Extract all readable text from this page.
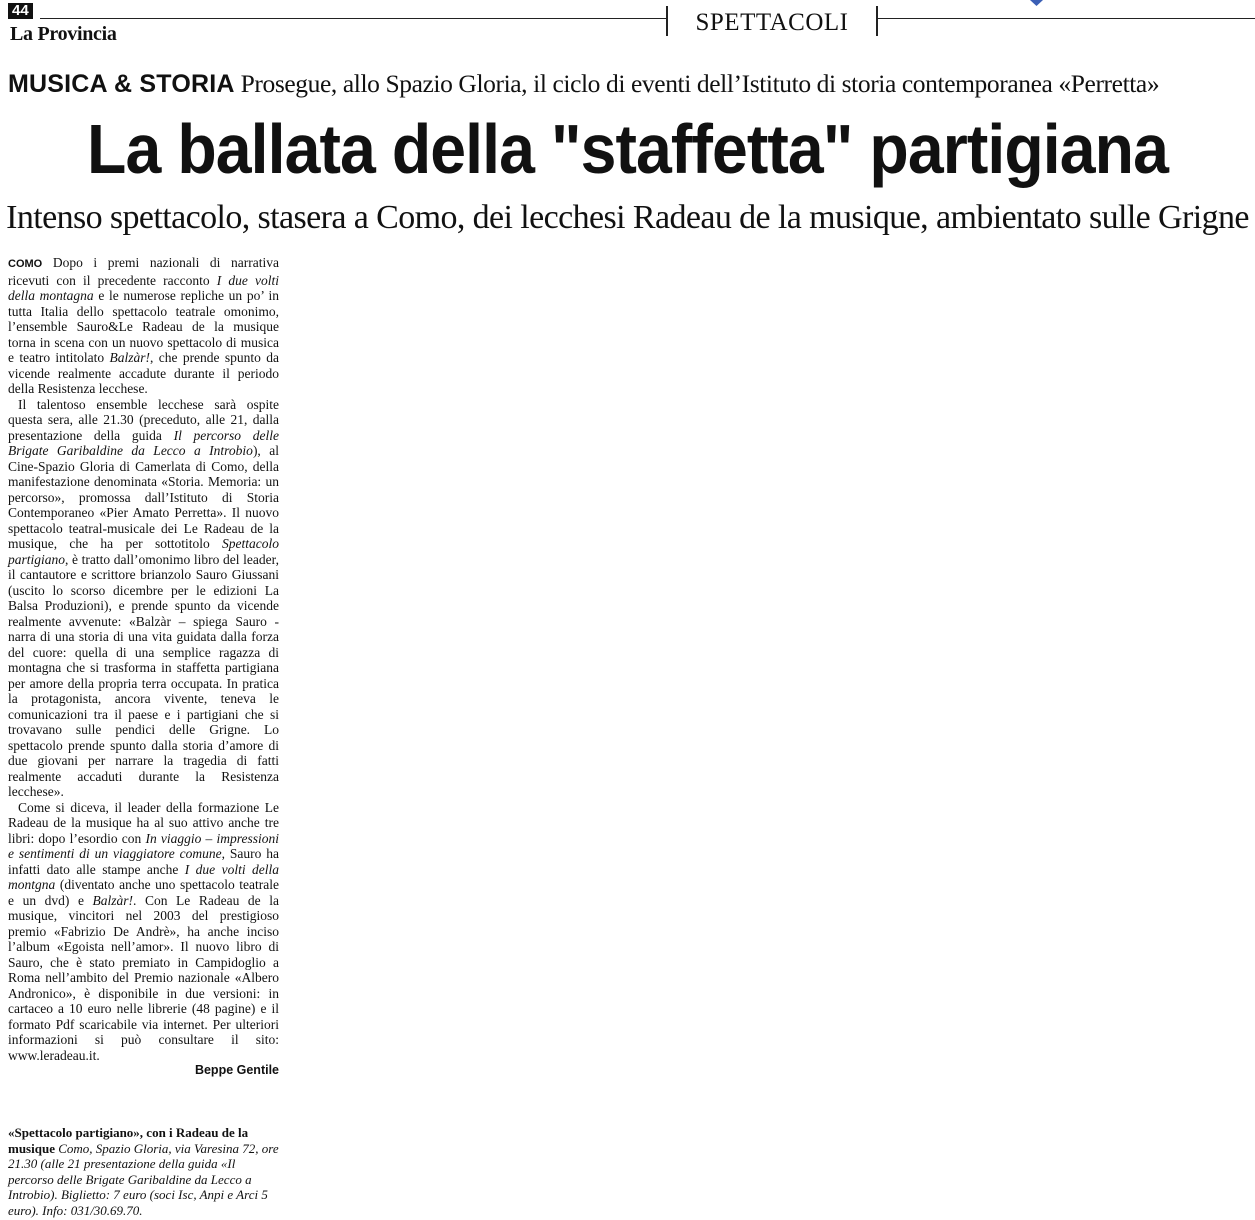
44
La Provincia	SPETTACOLI
MUSICA & STORIA Prosegue, allo Spazio Gloria, il ciclo di eventi dell’Istituto di storia contemporanea «Perretta»
La ballata della "staffetta" partigiana
Intenso spettacolo, stasera a Como, dei lecchesi Radeau de la musique, ambientato sulle Grigne

COMO Dopo i premi nazionali di narrativa ricevuti con il precedente racconto I due volti della montagna e le numerose repliche un po’ in tutta Italia dello spettacolo teatrale omonimo, l’ensemble Sauro&Le Radeau de la musique torna in scena con un nuovo spettacolo di musica e teatro intitolato Balzàr!, che prende spunto da vicende realmente accadute durante il periodo della Resistenza lecchese.

Il talentoso ensemble lecchese sarà ospite questa sera, alle 21.30 (preceduto, alle 21, dalla presentazione della guida Il percorso delle Brigate Garibaldine da Lecco a Introbio), al Cine-Spazio Gloria di Camerlata di Como, della manifestazione denominata «Storia. Memoria: un percorso», promossa dall’Istituto di Storia Contemporaneo «Pier Amato Perretta». Il nuovo spettacolo teatral-musicale dei Le Radeau de la musique, che ha per sottotitolo Spettacolo partigiano, è tratto dall’omonimo libro del leader, il cantautore e scrittore brianzolo Sauro Giussani (uscito lo scorso dicembre per le edizioni La Balsa Produzioni), e prende spunto da vicende realmente avvenute: «Balzàr – spiega Sauro - narra di una storia di una vita guidata dalla forza del cuore: quella di una semplice ragazza di montagna che si trasforma in staffetta partigiana per amore della propria terra occupata. In pratica la protagonista, ancora vivente, teneva le comunicazioni tra il paese e i partigiani che si trovavano sulle pendici delle Grigne. Lo spettacolo prende spunto dalla storia d’amore di due giovani per narrare la tragedia di fatti realmente accaduti durante la Resistenza lecchese».

Come si diceva, il leader della formazione Le Radeau de la musique ha al suo attivo anche tre libri: dopo l’esordio con In viaggio – impressioni e sentimenti di un viaggiatore comune, Sauro ha infatti dato alle stampe anche I due volti della montgna (diventato anche uno spettacolo teatrale e un dvd) e Balzàr!. Con Le Radeau de la musique, vincitori nel 2003 del prestigioso premio «Fabrizio De Andrè», ha anche inciso l’album «Egoista nell’amor». Il nuovo libro di Sauro, che è stato premiato in Campidoglio a Roma nell’ambito del Premio nazionale «Albero Andronico», è disponibile in due versioni: in cartaceo a 10 euro nelle librerie (48 pagine) e il formato Pdf scaricabile via internet. Per ulteriori informazioni si può consultare il sito: www.leradeau.it.

Beppe Gentile
«Spettacolo partigiano», con i Radeau de la musique Como, Spazio Gloria, via Varesina 72, ore 21.30 (alle 21 presentazione della guida «Il percorso delle Brigate Garibaldine da Lecco a Introbio). Biglietto: 7 euro (soci Isc, Anpi e Arci 5 euro). Info: 031/30.69.70.
